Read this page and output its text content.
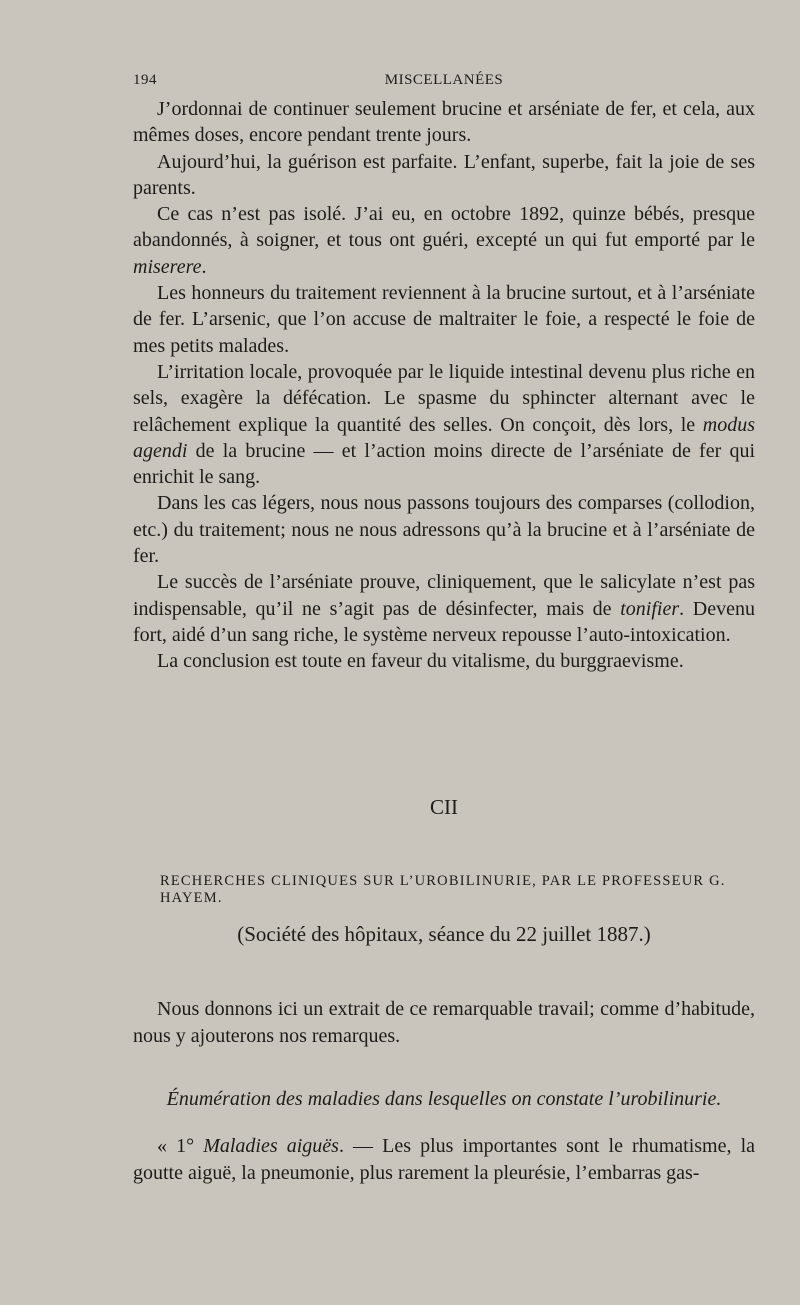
194	MISCELLANÉES

J’ordonnai de continuer seulement brucine et arséniate de fer, et cela, aux mêmes doses, encore pendant trente jours.

Aujourd’hui, la guérison est parfaite. L’enfant, superbe, fait la joie de ses parents.

Ce cas n’est pas isolé. J’ai eu, en octobre 1892, quinze bébés, presque abandonnés, à soigner, et tous ont guéri, excepté un qui fut emporté par le miserere.

Les honneurs du traitement reviennent à la brucine surtout, et à l’arséniate de fer. L’arsenic, que l’on accuse de maltraiter le foie, a respecté le foie de mes petits malades.

L’irritation locale, provoquée par le liquide intestinal devenu plus riche en sels, exagère la défécation. Le spasme du sphincter alternant avec le relâchement explique la quantité des selles. On conçoit, dès lors, le modus agendi de la brucine — et l’action moins directe de l’arséniate de fer qui enrichit le sang.

Dans les cas légers, nous nous passons toujours des comparses (collodion, etc.) du traitement; nous ne nous adressons qu’à la brucine et à l’arséniate de fer.

Le succès de l’arséniate prouve, cliniquement, que le salicylate n’est pas indispensable, qu’il ne s’agit pas de désinfecter, mais de tonifier. Devenu fort, aidé d’un sang riche, le système nerveux repousse l’auto-intoxication.

La conclusion est toute en faveur du vitalisme, du burggraevisme.

CII
RECHERCHES CLINIQUES SUR L’UROBILINURIE, PAR LE PROFESSEUR G. HAYEM.
(Société des hôpitaux, séance du 22 juillet 1887.)

Nous donnons ici un extrait de ce remarquable travail; comme d’habitude, nous y ajouterons nos remarques.

Énumération des maladies dans lesquelles on constate l’urobilinurie.

« 1° Maladies aiguës. — Les plus importantes sont le rhumatisme, la goutte aiguë, la pneumonie, plus rarement la pleurésie, l’embarras gas-
